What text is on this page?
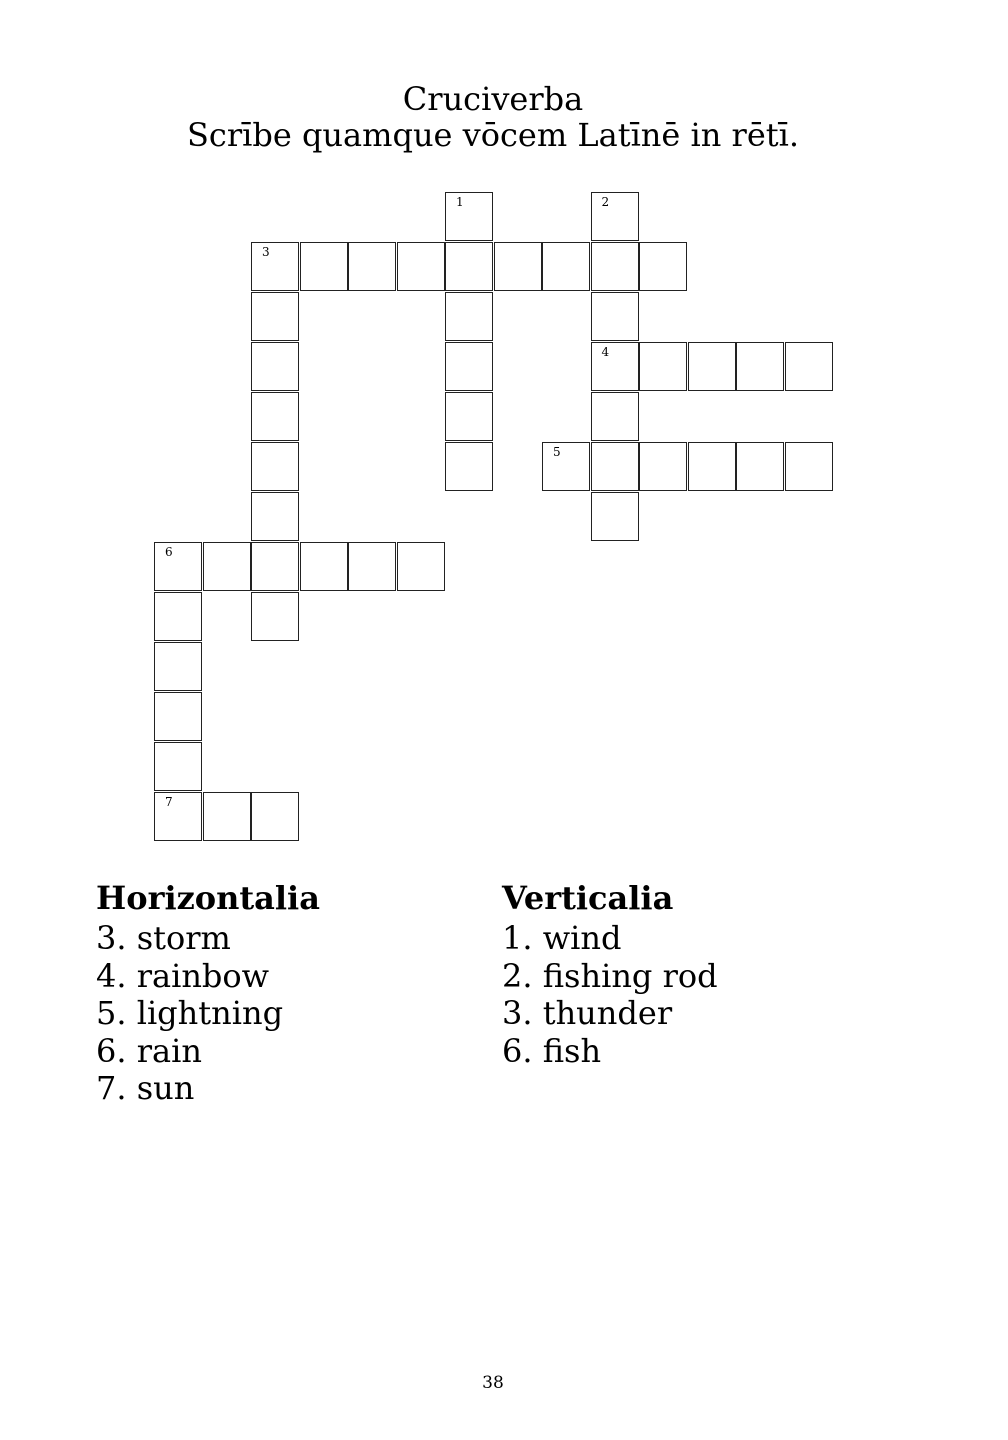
Cruciverba
Scrībe quamque vōcem Latīnē in rētī.
1	2
3
4
5
6
7
Horizontalia
3. storm
4. rainbow
5. lightning
6. rain
7. sun
Verticalia
1. wind
2. fishing rod
3. thunder
6. fish
38
